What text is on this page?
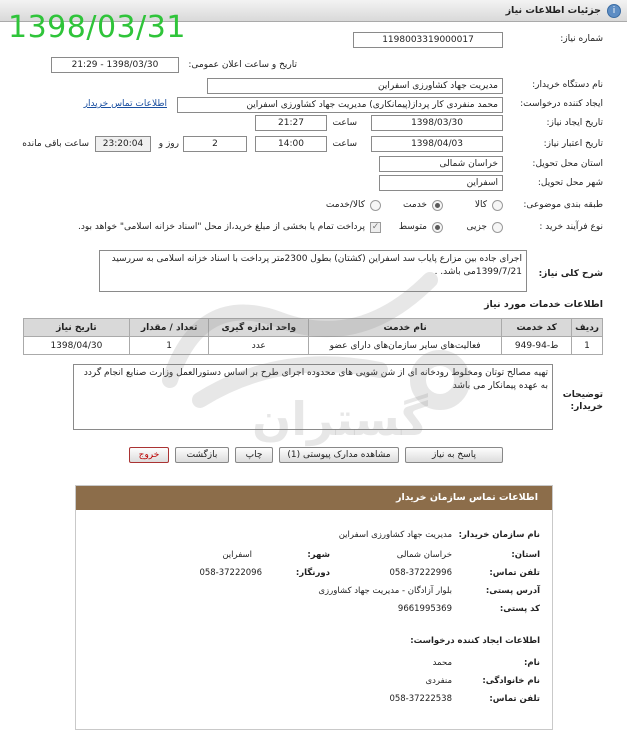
i
جزئیات اطلاعات نیاز
1398/03/31	شماره نیاز:
1198003319000017
تاریخ و ساعت اعلان عمومی:
1398/03/30 - 21:29
نام دستگاه خریدار:
مدیریت جهاد کشاورزی اسفراین
ایجاد کننده درخواست:
محمد منفردی کار پرداز(پیمانکاری) مدیریت جهاد کشاورزی اسفراین
اطلاعات تماس خریدار
تاریخ ایجاد نیاز:
1398/03/30
ساعت
21:27
تاریخ اعتبار نیاز:
1398/04/03
ساعت
14:00
2
روز و
23:20:04
ساعت باقی مانده
استان محل تحویل:
خراسان شمالی
شهر محل تحویل:
اسفراین
طبقه بندی موضوعی:
کالا
خدمت
کالا/خدمت
نوع فرآیند خرید :
جزیی
متوسط
✓
پرداخت تمام یا بخشی از مبلغ خرید،از محل "اسناد خزانه اسلامی" خواهد بود.
شرح کلی نیاز:
اجرای جاده بین مزارع پایاب سد اسفراین (کشتان) بطول 2300متر پرداخت با اسناد خزانه اسلامی به سررسید 1399/7/21می باشد. .
اطلاعات خدمات مورد نیاز
ردیف	کد خدمت	نام خدمت	واحد اندازه گیری	تعداد / مقدار	تاریخ نیاز
1	ط-94-949	فعالیت‌های سایر سازمان‌های دارای عضو	عدد	1	1398/04/30
توضیحات خریدار:
تهیه مصالح توتان ومخلوط رودخانه ای از شن شویی های محدوده اجرای طرح بر اساس دستورالعمل وزارت صنایع انجام گردد به عهده پیمانکار می باشد
پاسخ به نیاز
مشاهده مدارک پیوستی (1)
چاپ
بازگشت
خروج
اطلاعات تماس سازمان خریدار
نام سازمان خریدار:
مدیریت جهاد کشاورزی اسفراین
استان:
خراسان شمالی
شهر:
اسفراین
تلفن تماس:
058-37222996
دورنگار:
058-37222096
آدرس پستی:
بلوار آزادگان - مدیریت جهاد کشاورزی
کد پستی:
9661995369
اطلاعات ایجاد کننده درخواست:
نام:
محمد
نام خانوادگی:
منفردی
تلفن تماس:
058-37222538
